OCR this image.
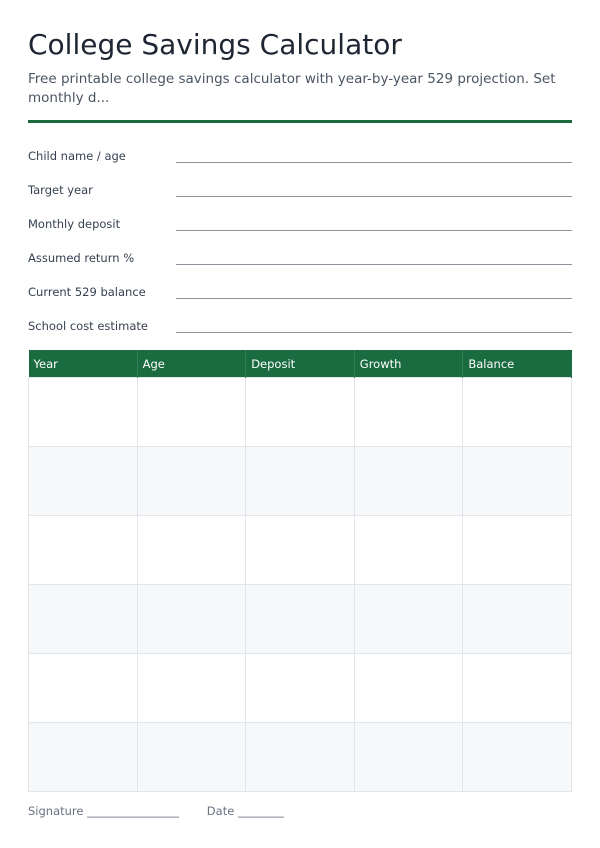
College Savings Calculator
Free printable college savings calculator with year-by-year 529 projection. Set monthly d...
Child name / age
Target year
Monthly deposit
Assumed return %
Current 529 balance
School cost estimate
Year	Age	Deposit	Growth	Balance

Signature ________________ Date ________
